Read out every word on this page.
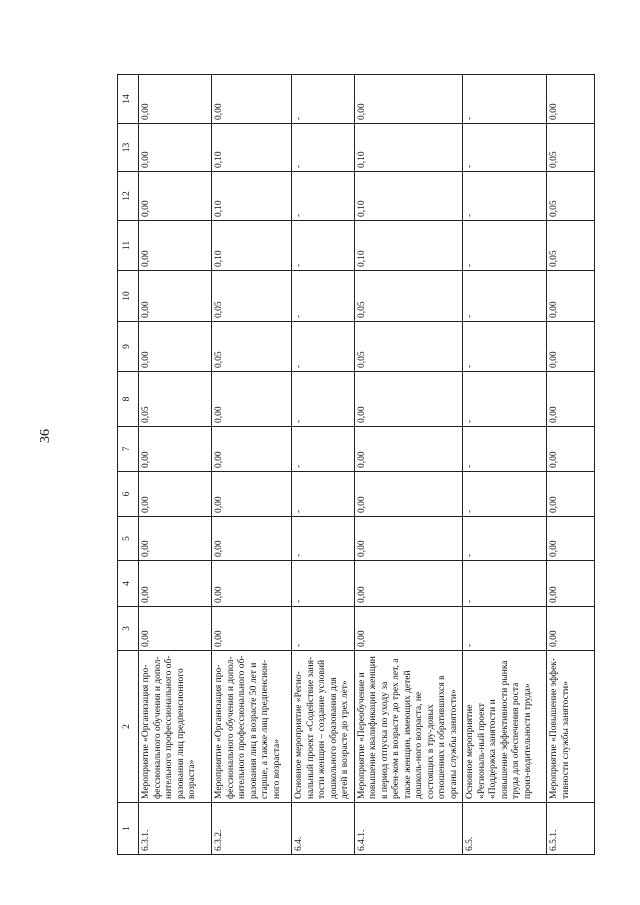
36
1	2	3	4	5	6	7	8	9	10	11	12	13	14
6.3.1.	Мероприятие «Организация про-фессионального обучения и допол-нительного профессионального об-разования лиц предпенсионного возраста»	0,00	0,00	0,00	0,00	0,00	0,05	0,00	0,00	0,00	0,00	0,00	0,00
6.3.2.	Мероприятие «Организация про-фессионального обучения и допол-нительного профессионального об-разования лиц в возрасте 50 лет и старше, а также лиц предпенсион-ного возраста»	0,00	0,00	0,00	0,00	0,00	0,00	0,05	0,05	0,10	0,10	0,10	0,00
6.4.	Основное мероприятие «Регио-нальный проект «Содействие заня-тости женщин – создание условий дошкольного образования для детей в возрасте до трех лет»	-	-	-	-	-	-	-	-	-	-	-	-
6.4.1.	Мероприятие «Переобучение и повышение квалификации женщин в период отпуска по уходу за ребен-ком в возрасте до трех лет, а также женщин, имеющих детей дошколь-ного возраста, не состоящих в тру-довых отношениях и обратившихся в органы службы занятости»	0,00	0,00	0,00	0,00	0,00	0,00	0,05	0,05	0,10	0,10	0,10	0,00
6.5.	Основное мероприятие «Региональ-ный проект «Поддержка занятости и повышение эффективности рынка труда для обеспечения роста произ-водительности труда»	-	-	-	-	-	-	-	-	-	-	-	-
6.5.1.	Мероприятие «Повышение эффек-тивности службы занятости»	0,00	0,00	0,00	0,00	0,00	0,00	0,00	0,00	0,05	0,05	0,05	0,00
